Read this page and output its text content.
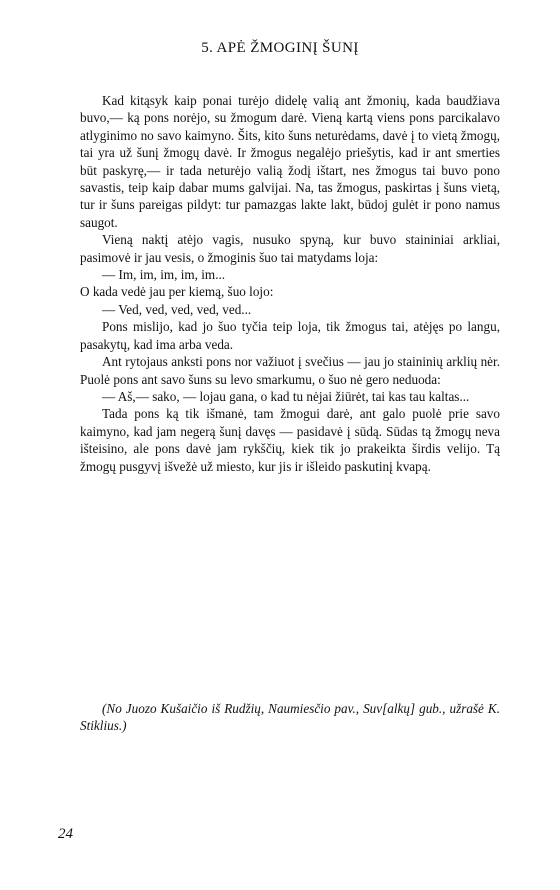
5. APĖ ŽMOGINĮ ŠUNĮ

Kad kitąsyk kaip ponai turėjo didelę valią ant žmonių, kada baudžiava buvo,— ką pons norėjo, su žmogum darė. Vieną kartą viens pons parcikalavo atlyginimo no savo kaimyno. Šits, kito šuns neturėdams, davė į to vietą žmogų, tai yra už šunį žmogų davė. Ir žmogus negalėjo priešytis, kad ir ant smerties būt paskyrę,— ir tada neturėjo valią žodį ištart, nes žmogus tai buvo pono savastis, teip kaip dabar mums galvijai. Na, tas žmogus, paskirtas į šuns vietą, tur ir šuns pareigas pildyt: tur pamazgas lakte lakt, būdoj gulėt ir pono namus saugot.

Vieną naktį atėjo vagis, nusuko spyną, kur buvo staininiai arkliai, pasimovė ir jau vesis, o žmoginis šuo tai matydams loja:

— Im, im, im, im, im...

O kada vedė jau per kiemą, šuo lojo:

— Ved, ved, ved, ved, ved...

Pons mislijo, kad jo šuo tyčia teip loja, tik žmogus tai, atėjęs po langu, pasakytų, kad ima arba veda.

Ant rytojaus anksti pons nor važiuot į svečius — jau jo staininių arklių nėr. Puolė pons ant savo šuns su levo smarkumu, o šuo nė gero neduoda:

— Aš,— sako, — lojau gana, o kad tu nėjai žiūrėt, tai kas tau kaltas...

Tada pons ką tik išmanė, tam žmogui darė, ant galo puolė prie savo kaimyno, kad jam negerą šunį davęs — pasidavė į sūdą. Sūdas tą žmogų neva išteisino, ale pons davė jam rykščių, kiek tik jo prakeikta širdis velijo. Tą žmogų pusgyvį išvežė už miesto, kur jis ir išleido paskutinį kvapą.

(No Juozo Kušaičio iš Rudžių, Naumiesčio pav., Suv[alkų] gub., užrašė K. Stiklius.)
24
